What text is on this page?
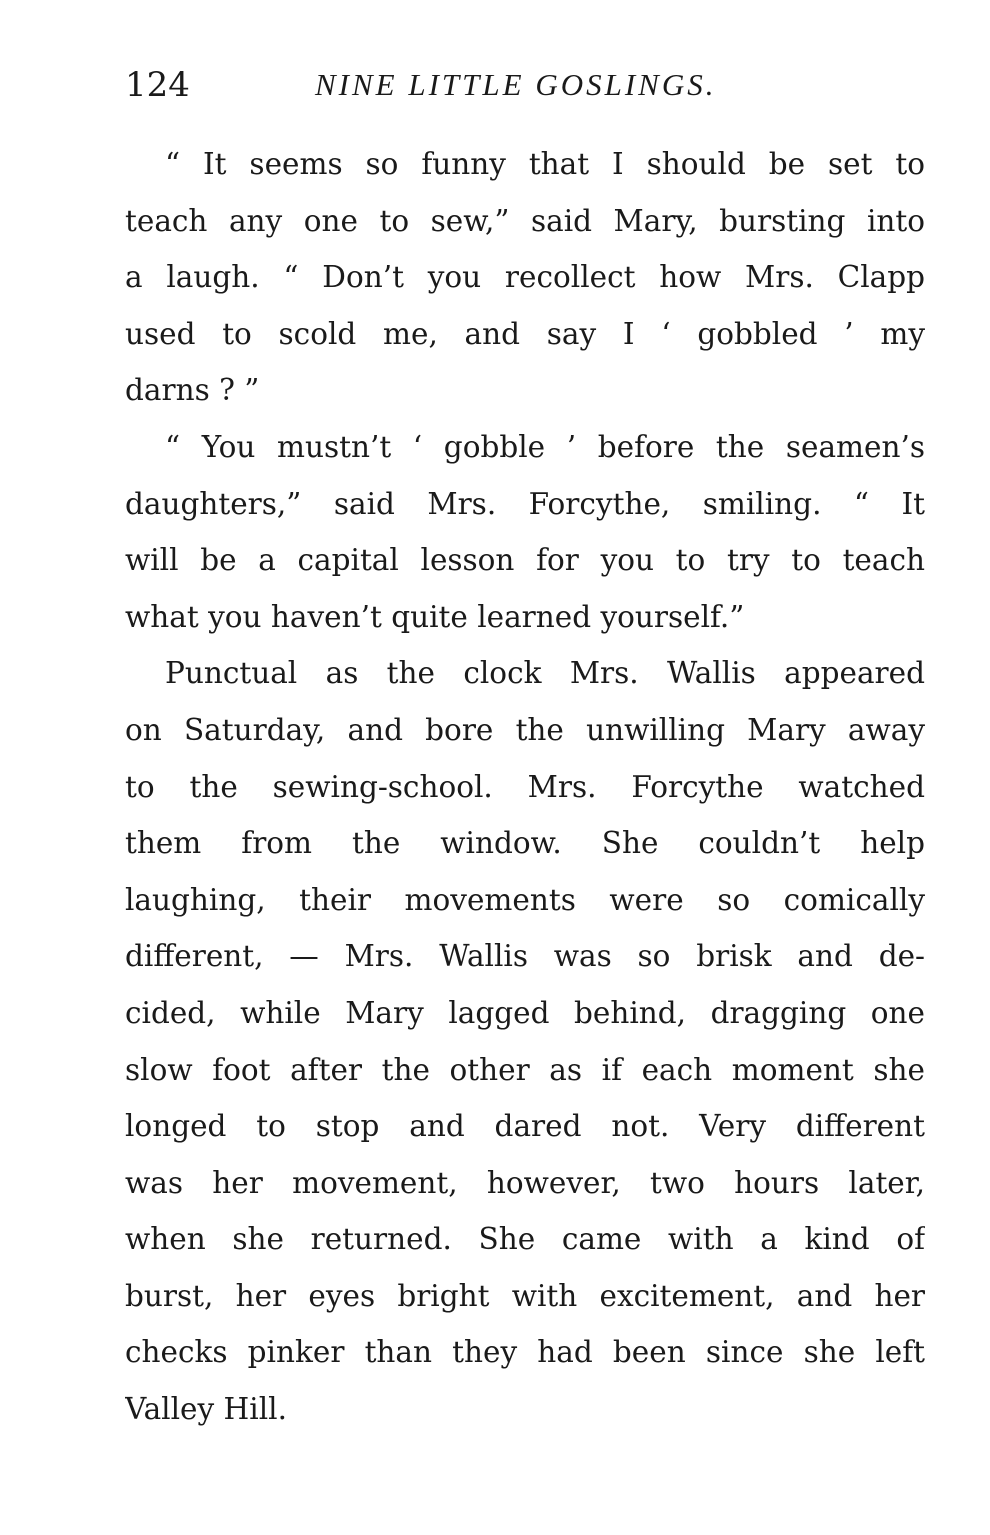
124	NINE LITTLE GOSLINGS.
“ It seems so funny that I should be set to
teach any one to sew,” said Mary, bursting into
a laugh. “ Don’t you recollect how Mrs. Clapp
used to scold me, and say I ‘ gobbled ’ my
darns ? ”
“ You mustn’t ‘ gobble ’ before the seamen’s
daughters,” said Mrs. Forcythe, smiling. “ It
will be a capital lesson for you to try to teach
what you haven’t quite learned yourself.”
Punctual as the clock Mrs. Wallis appeared
on Saturday, and bore the unwilling Mary away
to the sewing-school. Mrs. Forcythe watched
them from the window. She couldn’t help
laughing, their movements were so comically
different, — Mrs. Wallis was so brisk and de-
cided, while Mary lagged behind, dragging one
slow foot after the other as if each moment she
longed to stop and dared not. Very different
was her movement, however, two hours later,
when she returned. She came with a kind of
burst, her eyes bright with excitement, and her
checks pinker than they had been since she left
Valley Hill.
